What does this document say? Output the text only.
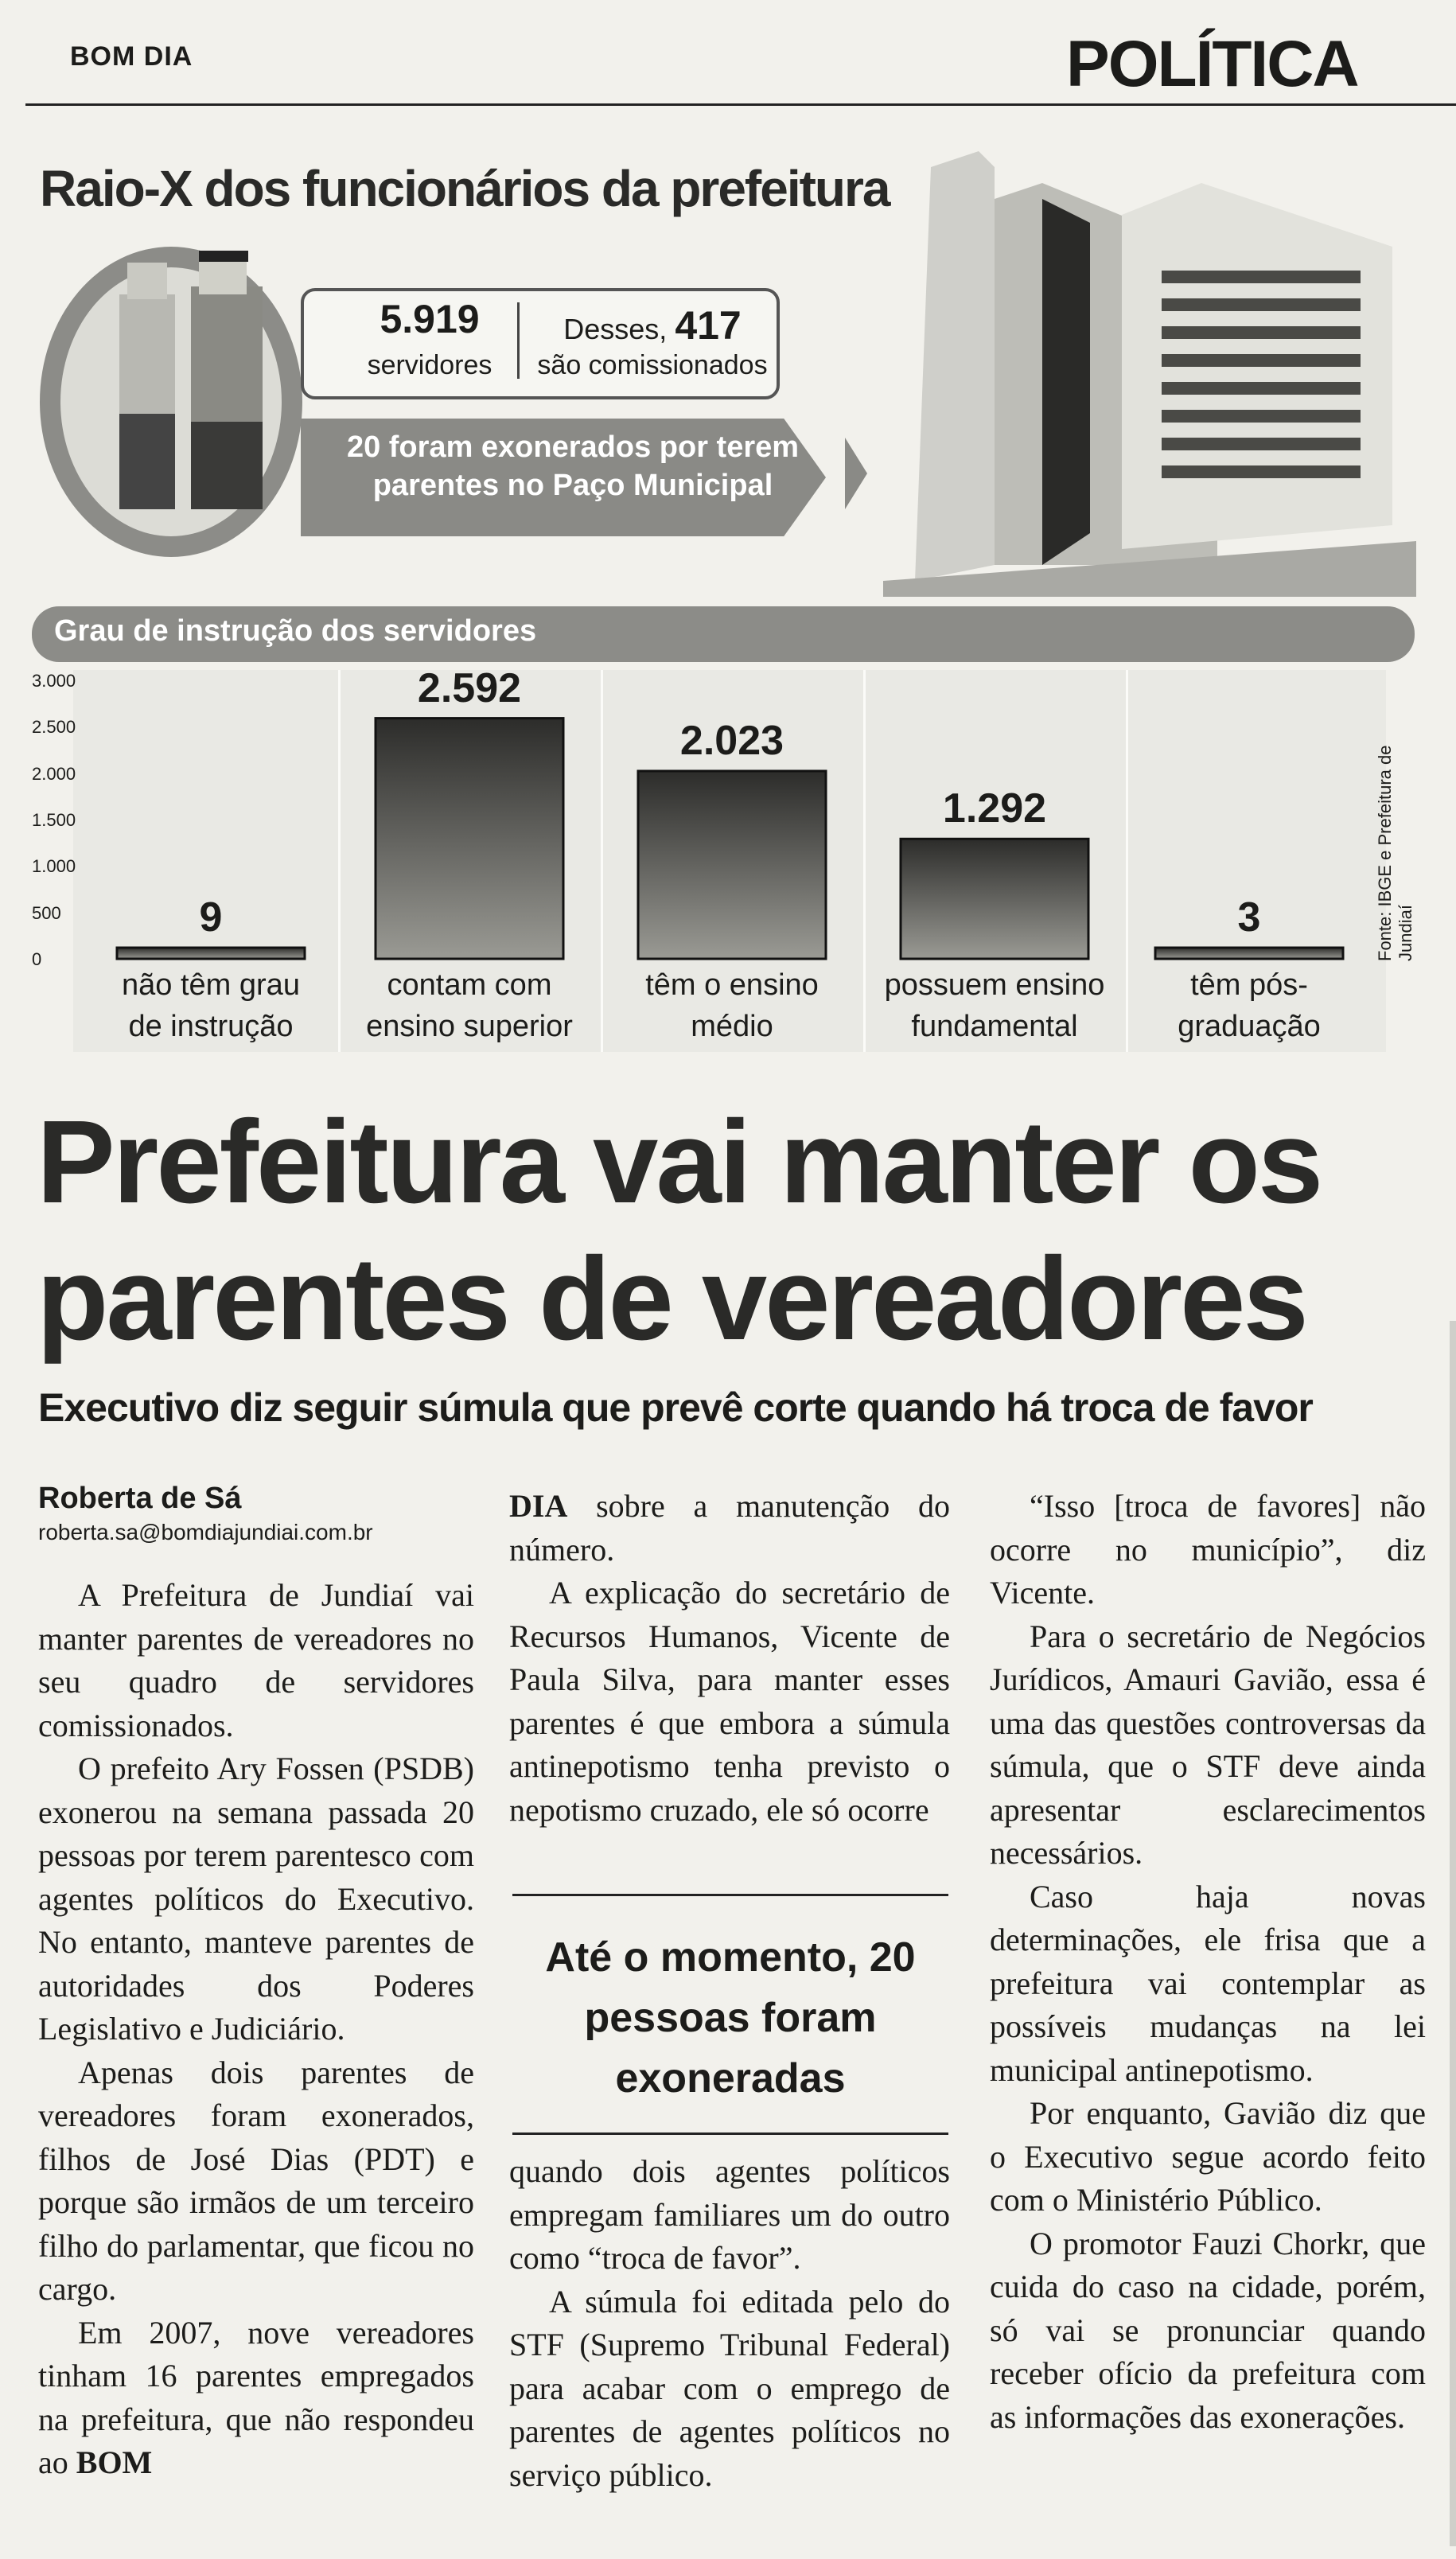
BOM DIA	POLÍTICA
Raio-X dos funcionários da prefeitura
5.919
servidores
Desses, 417
são comissionados
20 foram exonerados por terem
parentes no Paço Municipal
Grau de instrução dos servidores
3.000
2.500
2.000
1.500
1.000
500
0
9
não têm grau
de instrução
2.592
contam com
ensino superior
2.023
têm o ensino
médio
1.292
possuem ensino
fundamental
3
têm pós-graduação

Fonte: IBGE e Prefeitura de Jundiaí
Prefeitura vai manter os
parentes de vereadores
Executivo diz seguir súmula que prevê corte quando há troca de favor
Roberta de Sá
roberta.sa@bomdiajundiai.com.br

A Prefeitura de Jundiaí vai manter parentes de vereadores no seu quadro de servidores comissionados.

O prefeito Ary Fossen (PSDB) exonerou na semana passada 20 pessoas por terem parentesco com agentes políticos do Executivo. No entanto, manteve parentes de autoridades dos Poderes Legislativo e Judiciário.

Apenas dois parentes de vereadores foram exonerados, filhos de José Dias (PDT) e porque são irmãos de um terceiro filho do parlamentar, que ficou no cargo.

Em 2007, nove vereadores tinham 16 parentes empregados na prefeitura, que não respondeu ao BOM

DIA sobre a manutenção do número.

A explicação do secretário de Recursos Humanos, Vicente de Paula Silva, para manter esses parentes é que embora a súmula antinepotismo tenha previsto o nepotismo cruzado, ele só ocorre

Até o momento, 20 pessoas foram exoneradas

quando dois agentes políticos empregam familiares um do outro como “troca de favor”.

A súmula foi editada pelo do STF (Supremo Tribunal Federal) para acabar com o emprego de parentes de agentes políticos no serviço público.

“Isso [troca de favores] não ocorre no município”, diz Vicente.

Para o secretário de Negócios Jurídicos, Amauri Gavião, essa é uma das questões controversas da súmula, que o STF deve ainda apresentar esclarecimentos necessários.

Caso haja novas determinações, ele frisa que a prefeitura vai contemplar as possíveis mudanças na lei municipal antinepotismo.

Por enquanto, Gavião diz que o Executivo segue acordo feito com o Ministério Público.

O promotor Fauzi Chorkr, que cuida do caso na cidade, porém, só vai se pronunciar quando receber ofício da prefeitura com as informações das exonerações.
